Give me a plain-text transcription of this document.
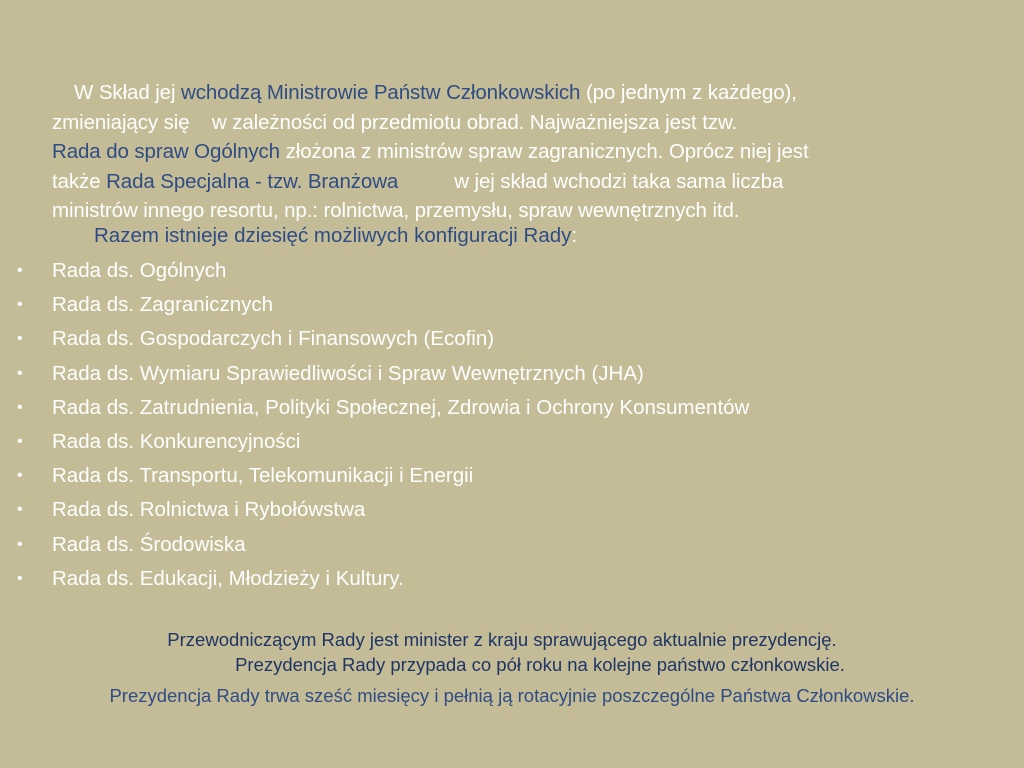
W Skład jej wchodzą Ministrowie Państw Członkowskich (po jednym z każdego),
zmieniający się    w zależności od przedmiotu obrad. Najważniejsza jest tzw.
Rada do spraw Ogólnych złożona z ministrów spraw zagranicznych. Oprócz niej jest
także Rada Specjalna - tzw. Branżowa          w jej skład wchodzi taka sama liczba
ministrów innego resortu, np.: rolnictwa, przemysłu, spraw wewnętrznych itd.
Razem istnieje dziesięć możliwych konfiguracji Rady:
• Rada ds. Ogólnych
• Rada ds. Zagranicznych
• Rada ds. Gospodarczych i Finansowych (Ecofin)
• Rada ds. Wymiaru Sprawiedliwości i Spraw Wewnętrznych (JHA)
• Rada ds. Zatrudnienia, Polityki Społecznej, Zdrowia i Ochrony Konsumentów
• Rada ds. Konkurencyjności
• Rada ds. Transportu, Telekomunikacji i Energii
• Rada ds. Rolnictwa i Rybołówstwa
• Rada ds. Środowiska
• Rada ds. Edukacji, Młodzieży i Kultury.
Przewodniczącym Rady jest minister z kraju sprawującego aktualnie prezydencję.
Prezydencja Rady przypada co pół roku na kolejne państwo członkowskie.
Prezydencja Rady trwa sześć miesięcy i pełnią ją rotacyjnie poszczególne Państwa Członkowskie.
